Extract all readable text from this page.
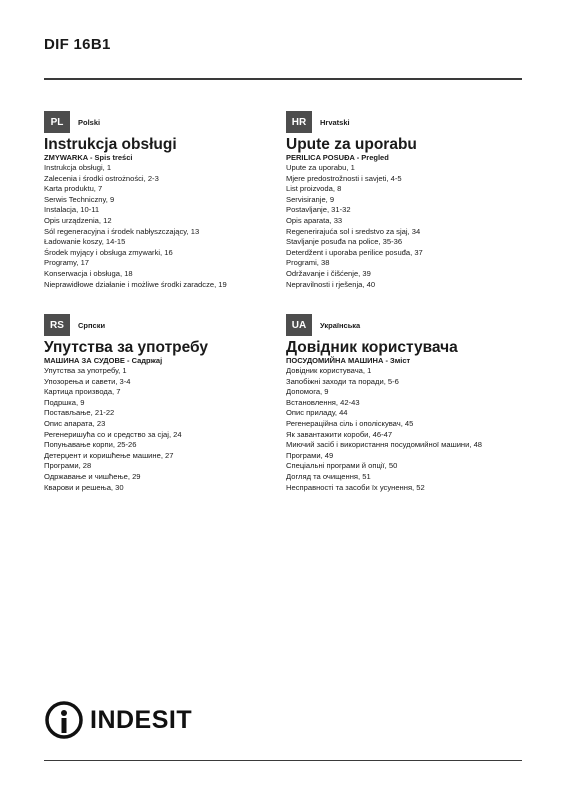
DIF 16B1
PL	Polski
Instrukcja obsługi
ZMYWARKA - Spis treści
Instrukcja obsługi, 1
Zalecenia i środki ostrożności, 2-3
Karta produktu, 7
Serwis Techniczny, 9
Instalacja, 10-11
Opis urządzenia, 12
Sól regeneracyjna i środek nabłyszczający, 13
Ładowanie koszy, 14-15
Środek myjący i obsługa zmywarki, 16
Programy, 17
Konserwacja i obsługa, 18
Nieprawidłowe działanie i możliwe środki zaradcze, 19
HR	Hrvatski
Upute za uporabu
PERILICA POSUĐA - Pregled
Upute za uporabu, 1
Mjere predostrožnosti i savjeti, 4-5
List proizvoda, 8
Servisiranje, 9
Postavljanje, 31-32
Opis aparata, 33
Regenerirajuća sol i sredstvo za sjaj, 34
Stavljanje posuđa na police, 35-36
Deterdžent i uporaba perilice posuđa, 37
Programi, 38
Održavanje i čišćenje, 39
Nepravilnosti i rješenja, 40
RS	Српски
Упутства за употребу
МАШИНА ЗА СУДОВЕ - Садржај
Упутства за употребу, 1
Упозорења и савети, 3-4
Картица производа, 7
Подршка, 9
Постављање, 21-22
Опис апарата, 23
Регенеришућа со и средство за сјај, 24
Попуњавање корпи, 25-26
Детерџент и коришћење машине, 27
Програми, 28
Одржавање и чишћење, 29
Кварови и решења, 30
UA	Українська
Довідник користувача
ПОСУДОМИЙНА МАШИНА - Зміст
Довідник користувача, 1
Запобіжні заходи та поради, 5-6
Допомога, 9
Встановлення, 42-43
Опис приладу, 44
Регенераційна сіль і ополіскувач, 45
Як завантажити короби, 46-47
Миючий засіб і використання посудомийної машини, 48
Програми, 49
Спеціальні програми й опції, 50
Догляд та очищення, 51
Несправності та засоби їх усунення, 52
INDESIT
